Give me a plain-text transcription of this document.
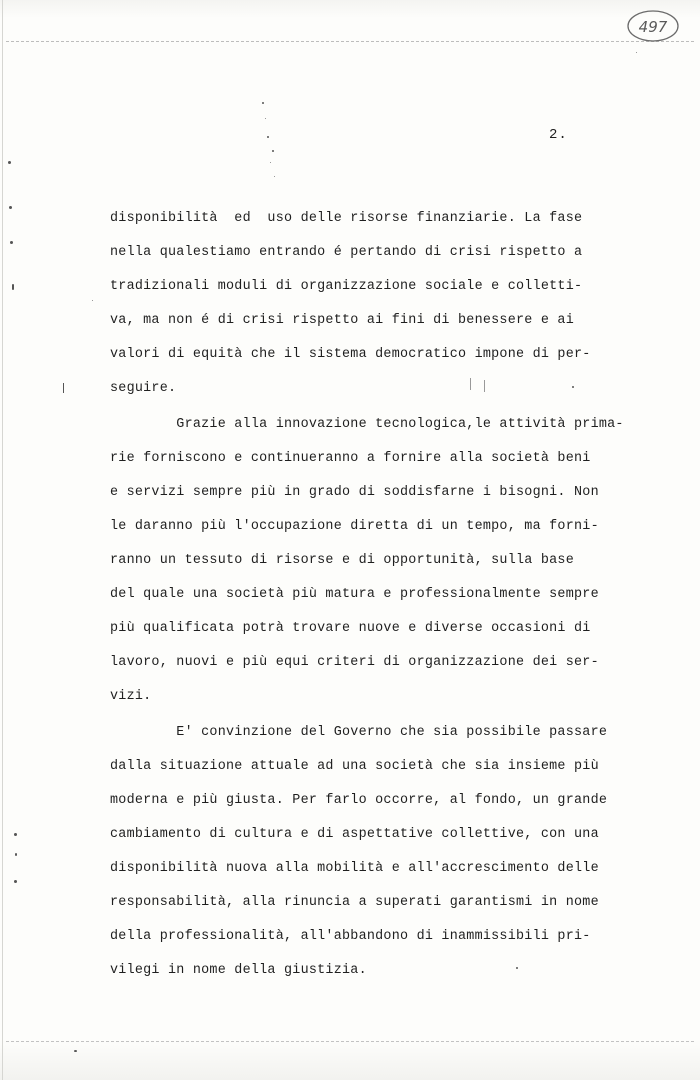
497
2.
disponibilità  ed  uso delle risorse finanziarie. La fase
nella qualestiamo entrando é pertando di crisi rispetto a
tradizionali moduli di organizzazione sociale e colletti-
va, ma non é di crisi rispetto ai fini di benessere e ai
valori di equità che il sistema democratico impone di per-
seguire.
Grazie alla innovazione tecnologica,le attività prima-
rie forniscono e continueranno a fornire alla società beni
e servizi sempre più in grado di soddisfarne i bisogni. Non
le daranno più l'occupazione diretta di un tempo, ma forni-
ranno un tessuto di risorse e di opportunità, sulla base
del quale una società più matura e professionalmente sempre
più qualificata potrà trovare nuove e diverse occasioni di
lavoro, nuovi e più equi criteri di organizzazione dei ser-
vizi.
E' convinzione del Governo che sia possibile passare
dalla situazione attuale ad una società che sia insieme più
moderna e più giusta. Per farlo occorre, al fondo, un grande
cambiamento di cultura e di aspettative collettive, con una
disponibilità nuova alla mobilità e all'accrescimento delle
responsabilità, alla rinuncia a superati garantismi in nome
della professionalità, all'abbandono di inammissibili pri-
vilegi in nome della giustizia.
